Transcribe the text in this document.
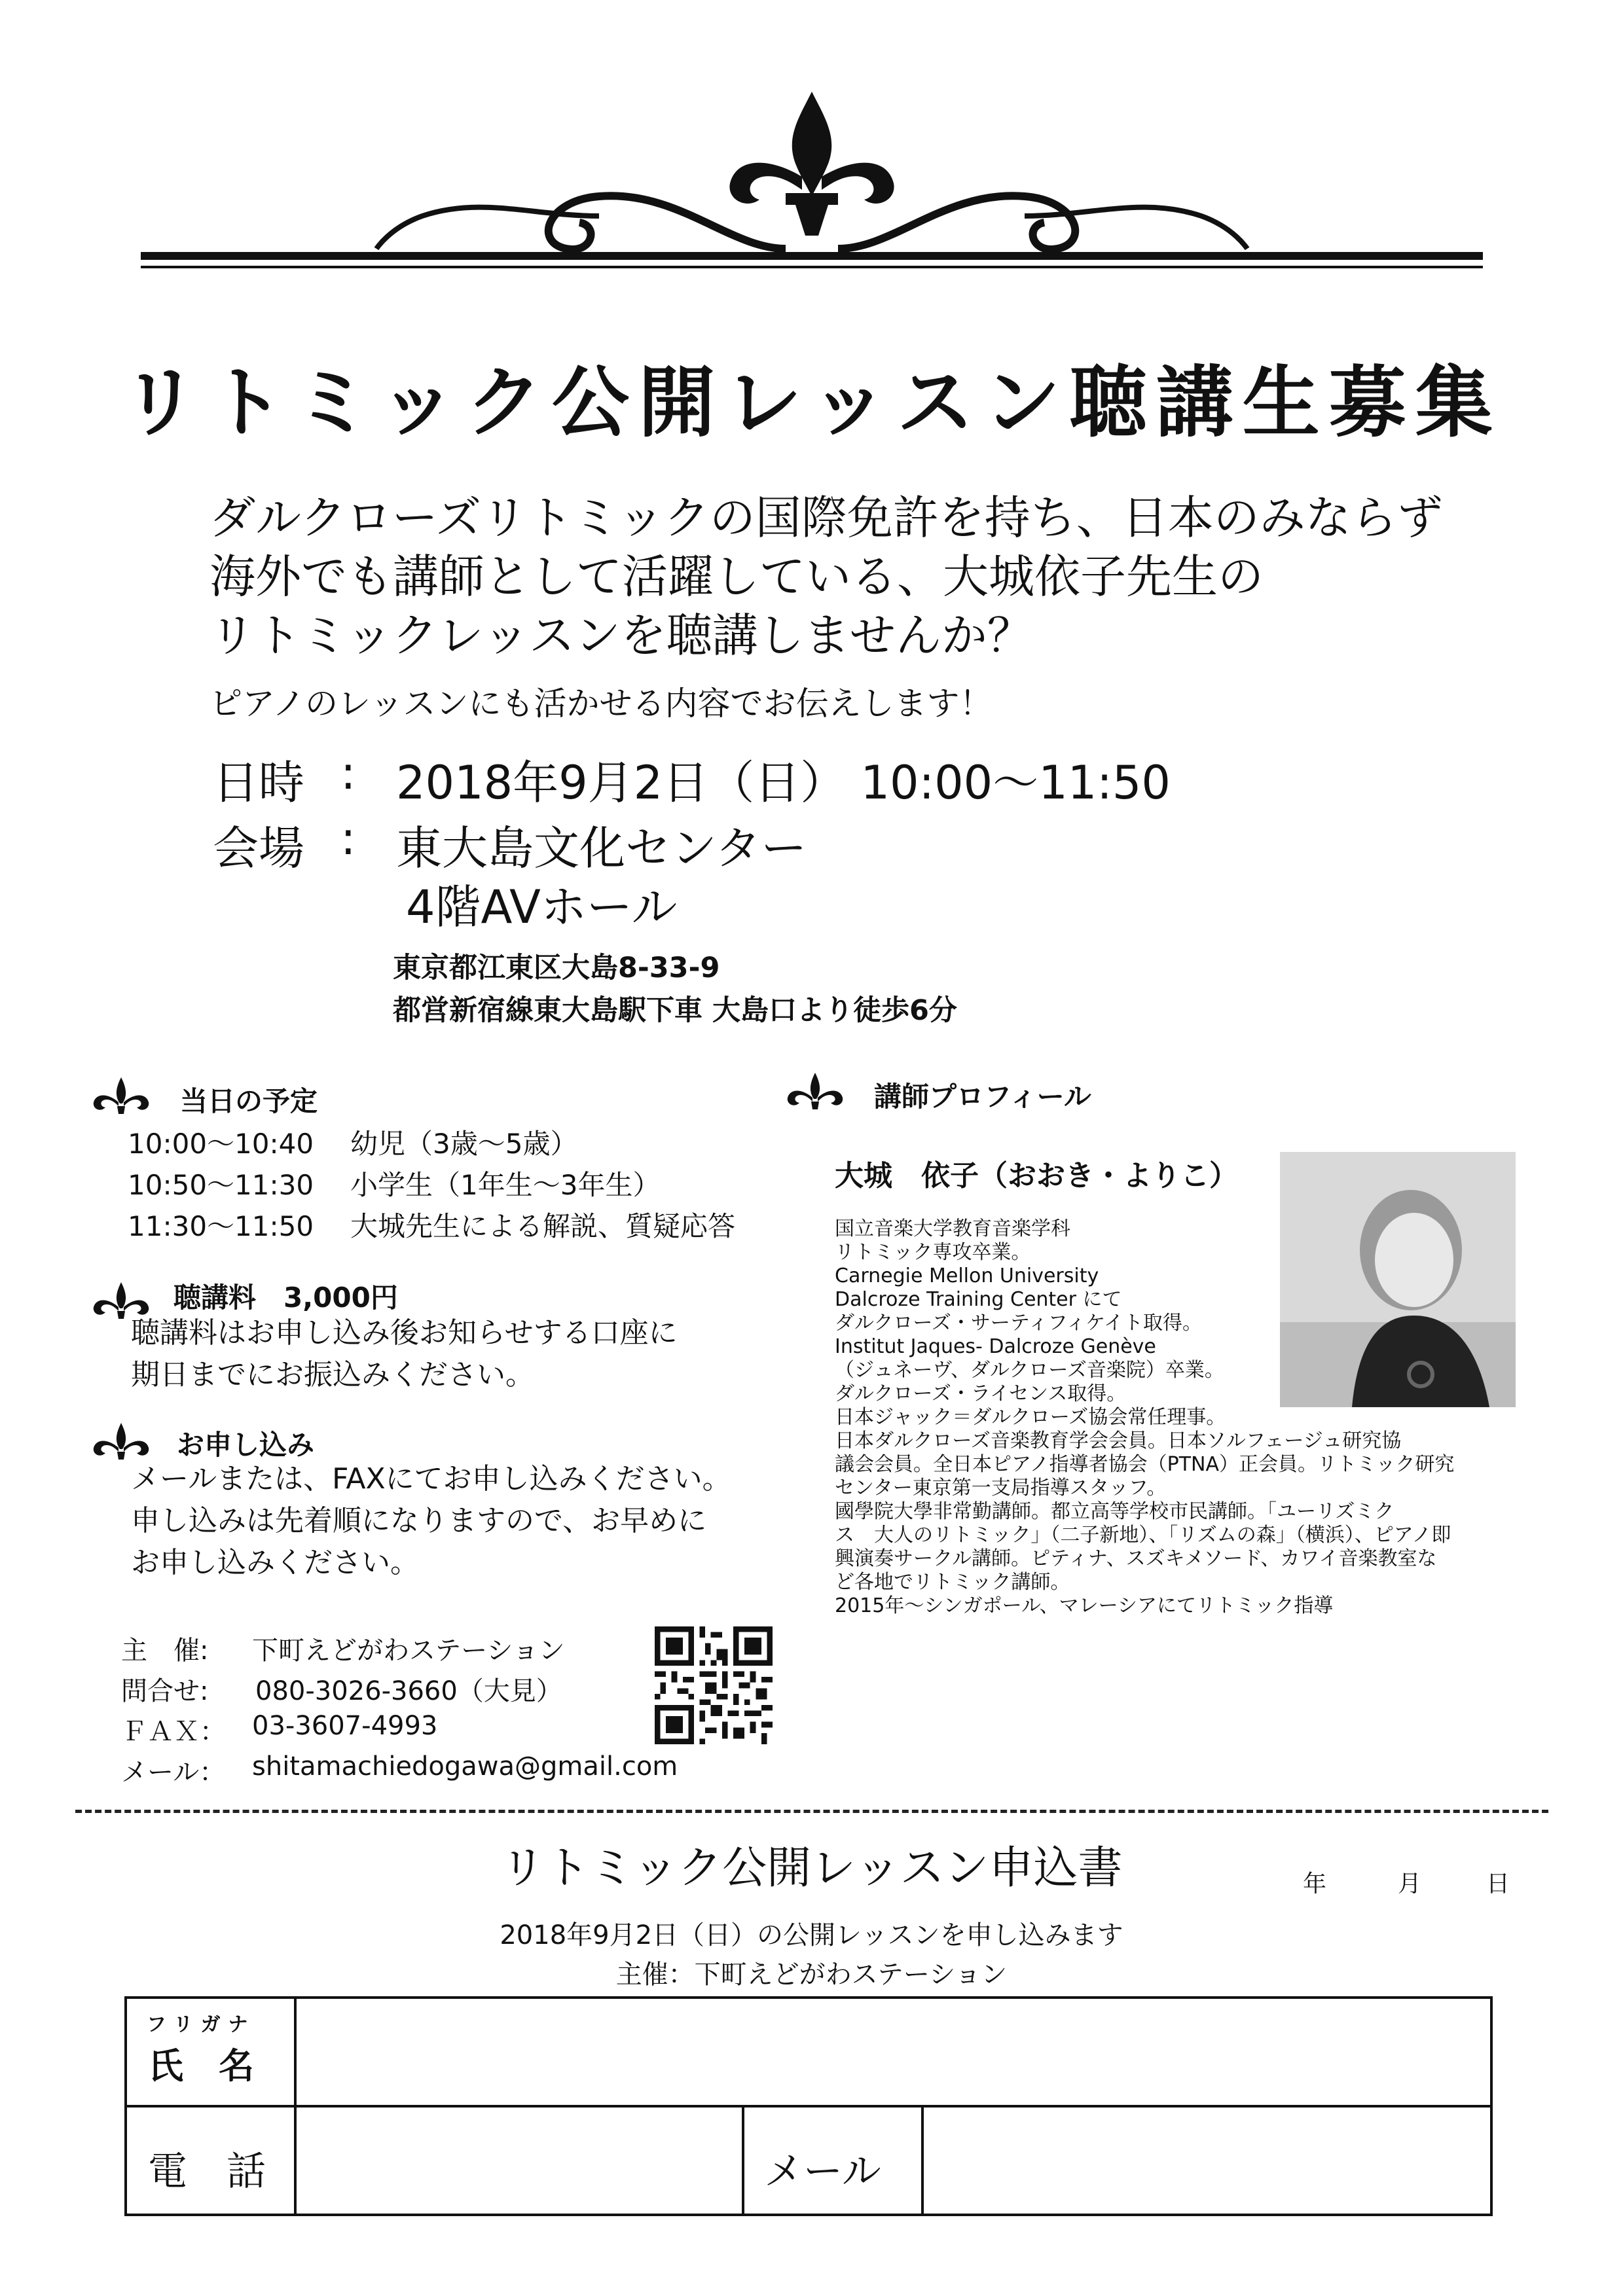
リトミック公開レッスン聴講生募集
ダルクローズリトミックの国際免許を持ち、日本のみならず
海外でも講師として活躍している、大城依子先生の
リトミックレッスンを聴講しませんか？
ピアノのレッスンにも活かせる内容でお伝えします！
日時 : 2018年9月2日（日） 10:00～11:50
会場 : 東大島文化センター
4階AVホール
東京都江東区大島8-33-9
都営新宿線東大島駅下車 大島口より徒歩6分
当日の予定
10:00～10:40 幼児（3歳～5歳）
10:50～11:30 小学生（1年生～3年生）
11:30～11:50 大城先生による解説、質疑応答
聴講料　3,000円
聴講料はお申し込み後お知らせする口座に
期日までにお振込みください。
お申し込み
メールまたは、FAXにてお申し込みください。
申し込みは先着順になりますので、お早めに
お申し込みください。
主　催: 下町えどがわステーション
問合せ: 080-3026-3660（大見）
ＦＡＸ： 03-3607-4993
メール： shitamachiedogawa@gmail.com
講師プロフィール
大城　依子（おおき・よりこ）
国立音楽大学教育音楽学科
リトミック専攻卒業。
Carnegie Mellon University
Dalcroze Training Center にて
ダルクローズ・サーティフィケイト取得。
Institut Jaques- Dalcroze Genève
（ジュネーヴ、ダルクローズ音楽院）卒業。
ダルクローズ・ライセンス取得。
日本ジャック＝ダルクローズ協会常任理事。
日本ダルクローズ音楽教育学会会員。日本ソルフェージュ研究協
議会会員。全日本ピアノ指導者協会（PTNA）正会員。リトミック研究
センター東京第一支局指導スタッフ。
國學院大學非常勤講師。都立高等学校市民講師。「ユーリズミク
ス　大人のリトミック」（二子新地）、「リズムの森」（横浜）、ピアノ即
興演奏サークル講師。ピティナ、スズキメソード、カワイ音楽教室な
ど各地でリトミック講師。
2015年～シンガポール、マレーシアにてリトミック指導
リトミック公開レッスン申込書	年	月	日
2018年9月2日（日）の公開レッスンを申し込みます
主催：下町えどがわステーション
フリガナ
氏　名			

電　話		メール	
